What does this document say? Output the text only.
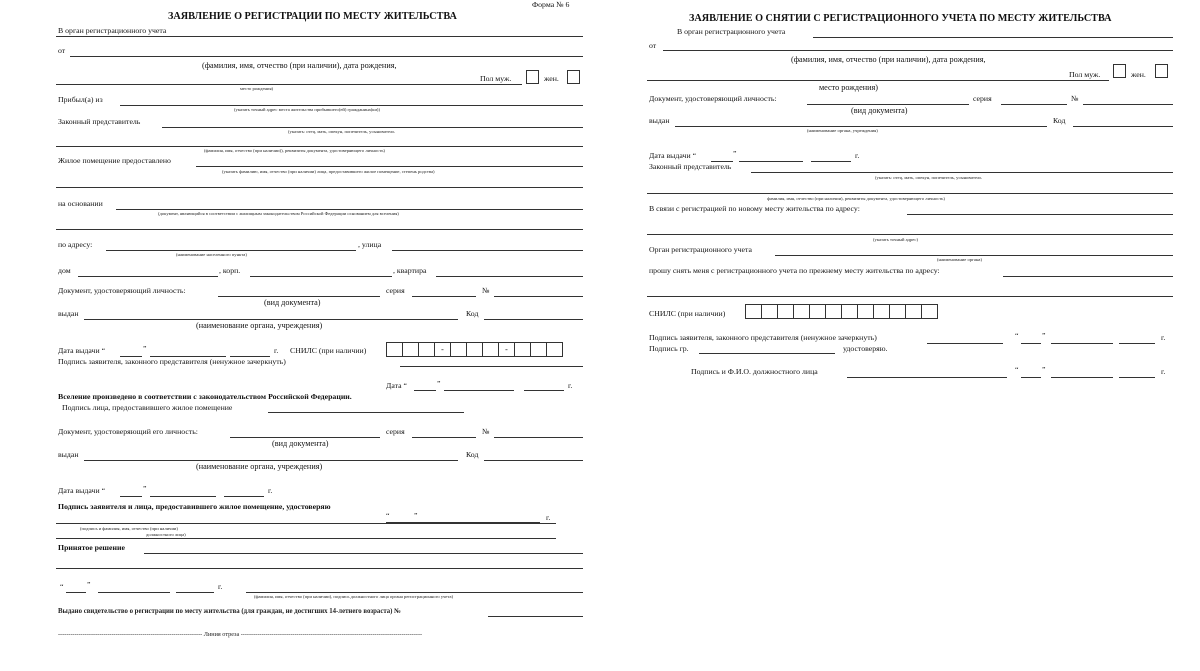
Форма № 6
ЗАЯВЛЕНИЕ О РЕГИСТРАЦИИ ПО МЕСТУ ЖИТЕЛЬСТВА
В орган регистрационного учета
от
(фамилия, имя, отчество (при наличии), дата рождения,
Пол муж.	жен.
место рождения)
Прибыл(а) из
(указать точный адрес места жительства прибывшего(ей) гражданина(ки))
Законный представитель
(указать: отец, мать, опекун, попечитель, усыновитель
(фамилия, имя, отчество (при наличии)), реквизиты документа, удостоверяющего личность)
Жилое помещение предоставлено
(указать фамилию, имя, отчество (при наличии) лица, предоставившего жилое помещение, степень родства)
на основании
(документ, являющийся в соответствии с жилищным законодательством Российской Федерации основанием для вселения)
по адресу:	, улица
(наименование населенного пункта)
дом	, корп.	, квартира
Документ, удостоверяющий личность:	серия	№
(вид документа)
выдан	Код
(наименование органа, учреждения)
Дата выдачи “	”	г. СНИЛС (при наличии)	-	-
Подпись заявителя, законного представителя (ненужное зачеркнуть)
Дата “	”	г.
Вселение произведено в соответствии с законодательством Российской Федерации.
Подпись лица, предоставившего жилое помещение
Документ, удостоверяющий его личность:	серия	№
(вид документа)
выдан	Код
(наименование органа, учреждения)
Дата выдачи “	”	г.
Подпись заявителя и лица, предоставившего жилое помещение, удостоверяю
“	”	г.
(подпись и фамилия, имя, отчество (при наличии)
должностного лица)
Принятое решение
“	”	г.
(фамилия, имя, отчество (при наличии), подпись должностного лица органа регистрационного учета)
Выдано свидетельство о регистрации по месту жительства (для граждан, не достигших 14-летнего возраста) №
---------------------------------------------------------------------- Линия отреза ----------------------------------------------------------------------------------------
ЗАЯВЛЕНИЕ О СНЯТИИ С РЕГИСТРАЦИОННОГО УЧЕТА ПО МЕСТУ ЖИТЕЛЬСТВА
В орган регистрационного учета
от
(фамилия, имя, отчество (при наличии), дата рождения,
Пол муж.	жен.
место рождения)
Документ, удостоверяющий личность:	серия	№
(вид документа)
выдан	Код
(наименование органа, учреждения)
Дата выдачи “	”	г.
Законный представитель
(указать: отец, мать, опекун, попечитель, усыновитель
фамилия, имя, отчество (при наличии), реквизиты документа, удостоверяющего личность)
В связи с регистрацией по новому месту жительства по адресу:
(указать точный адрес)
Орган регистрационного учета
(наименование органа)
прошу снять меня с регистрационного учета по прежнему месту жительства по адресу:
СНИЛС (при наличии)
Подпись заявителя, законного представителя (ненужное зачеркнуть)	“	”	г.
Подпись гр.	удостоверяю.
Подпись и Ф.И.О. должностного лица	“	”	г.
